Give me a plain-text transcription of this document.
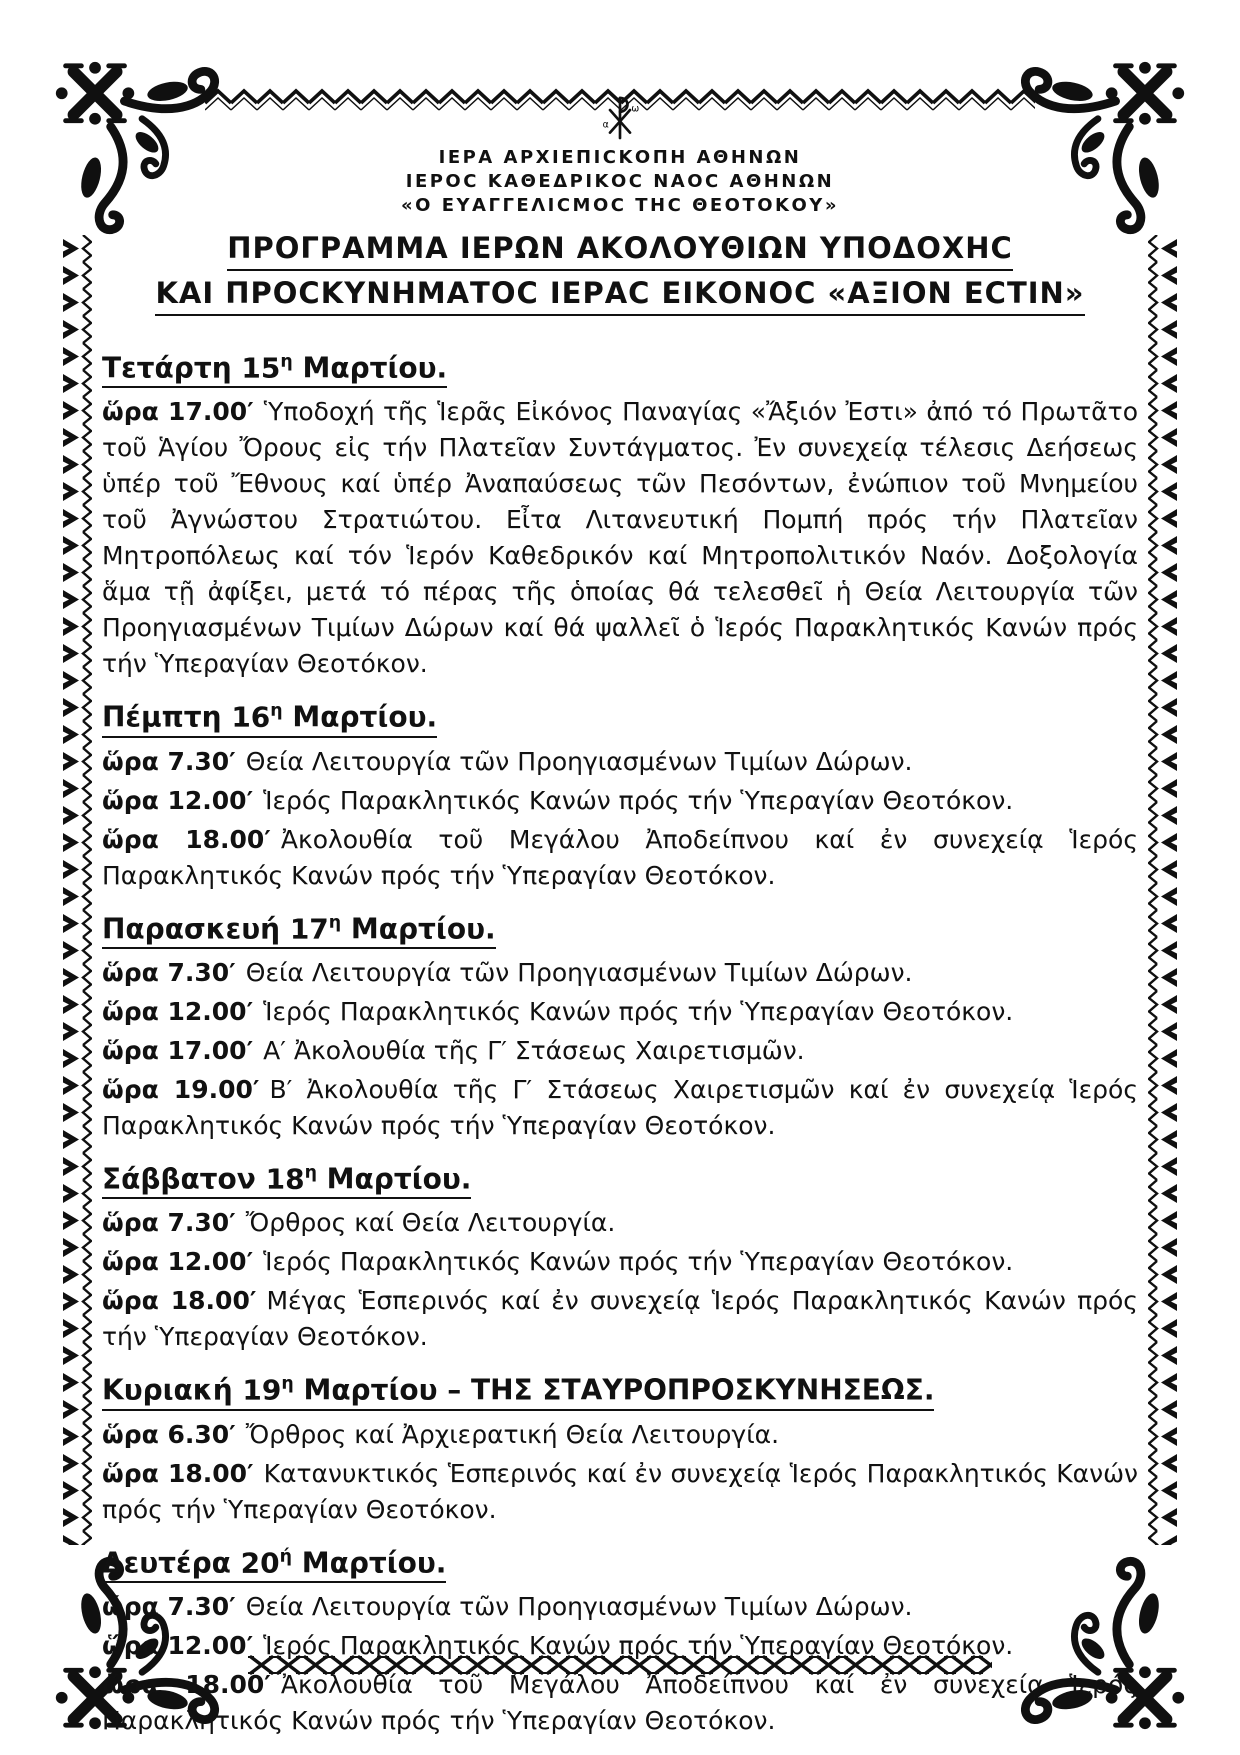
α
ω
ΙΕΡΑ ΑΡΧΙΕΠΙCΚΟΠΗ ΑΘΗΝΩΝ
ΙΕΡΟC ΚΑΘΕΔΡΙΚΟC ΝΑΟC ΑΘΗΝΩΝ
«Ο ΕΥΑΓΓΕΛΙCΜΟC ΤΗC ΘΕΟΤΟΚΟΥ»
ΠΡΟΓΡΑΜΜΑ ΙΕΡΩΝ ΑΚΟΛΟΥΘΙΩΝ ΥΠΟΔΟΧΗC
ΚΑΙ ΠΡΟCΚΥΝΗΜΑΤΟC ΙΕΡΑC ΕΙΚΟΝΟC «ΑΞΙΟΝ ΕCΤΙΝ»
Τετάρτη $15^\eta$ Μαρτίου.

ὥρα 17.00′ Ὑποδοχή τῆς Ἱερᾶς Εἰκόνος Παναγίας «Ἄξιόν Ἐστι» ἀπό τό Πρωτᾶτο τοῦ Ἁγίου Ὄρους εἰς τήν Πλατεῖαν Συντάγματος. Ἐν συνεχείᾳ τέλεσις Δεήσεως ὑπέρ τοῦ Ἔθνους καί ὑπέρ Ἀναπαύσεως τῶν Πεσόντων, ἐνώπιον τοῦ Μνημείου τοῦ Ἀγνώστου Στρατιώτου. Εἶτα Λιτανευτική Πομπή πρός τήν Πλατεῖαν Μητροπόλεως καί τόν Ἱερόν Καθεδρικόν καί Μητροπολιτικόν Ναόν. Δοξολογία ἅμα τῇ ἀφίξει, μετά τό πέρας τῆς ὁποίας θά τελεσθεῖ ἡ Θεία Λειτουργία τῶν Προηγιασμένων Τιμίων Δώρων καί θά ψαλλεῖ ὁ Ἱερός Παρακλητικός Κανών πρός τήν Ὑπεραγίαν Θεοτόκον.

Πέμπτη $16^\eta$ Μαρτίου.

ὥρα 7.30′ Θεία Λειτουργία τῶν Προηγιασμένων Τιμίων Δώρων.

ὥρα 12.00′ Ἱερός Παρακλητικός Κανών πρός τήν Ὑπεραγίαν Θεοτόκον.

ὥρα 18.00′ Ἀκολουθία τοῦ Μεγάλου Ἀποδείπνου καί ἐν συνεχείᾳ Ἱερός Παρακλητικός Κανών πρός τήν Ὑπεραγίαν Θεοτόκον.

Παρασκευή $17^\eta$ Μαρτίου.

ὥρα 7.30′ Θεία Λειτουργία τῶν Προηγιασμένων Τιμίων Δώρων.

ὥρα 12.00′ Ἱερός Παρακλητικός Κανών πρός τήν Ὑπεραγίαν Θεοτόκον.

ὥρα 17.00′ Α′ Ἀκολουθία τῆς Γ′ Στάσεως Χαιρετισμῶν.

ὥρα 19.00′ Β′ Ἀκολουθία τῆς Γ′ Στάσεως Χαιρετισμῶν καί ἐν συνεχείᾳ Ἱερός Παρακλητικός Κανών πρός τήν Ὑπεραγίαν Θεοτόκον.

Σάββατον $18^\eta$ Μαρτίου.

ὥρα 7.30′ Ὄρθρος καί Θεία Λειτουργία.

ὥρα 12.00′ Ἱερός Παρακλητικός Κανών πρός τήν Ὑπεραγίαν Θεοτόκον.

ὥρα 18.00′ Μέγας Ἑσπερινός καί ἐν συνεχείᾳ Ἱερός Παρακλητικός Κανών πρός τήν Ὑπεραγίαν Θεοτόκον.

Κυριακή $19^\eta$ Μαρτίου – ΤΗΣ ΣΤΑΥΡΟΠΡΟΣΚΥΝΗΣΕΩΣ.

ὥρα 6.30′ Ὄρθρος καί Ἀρχιερατική Θεία Λειτουργία.

ὥρα 18.00′ Κατανυκτικός Ἑσπερινός καί ἐν συνεχείᾳ Ἱερός Παρακλητικός Κανών πρός τήν Ὑπεραγίαν Θεοτόκον.

Δευτέρα $20^ή$ Μαρτίου.

ὥρα 7.30′ Θεία Λειτουργία τῶν Προηγιασμένων Τιμίων Δώρων.

ὥρα 12.00′ Ἱερός Παρακλητικός Κανών πρός τήν Ὑπεραγίαν Θεοτόκον.

ὥρα 18.00′ Ἀκολουθία τοῦ Μεγάλου Ἀποδείπνου καί ἐν συνεχείᾳ Ἱερός Παρακλητικός Κανών πρός τήν Ὑπεραγίαν Θεοτόκον.
